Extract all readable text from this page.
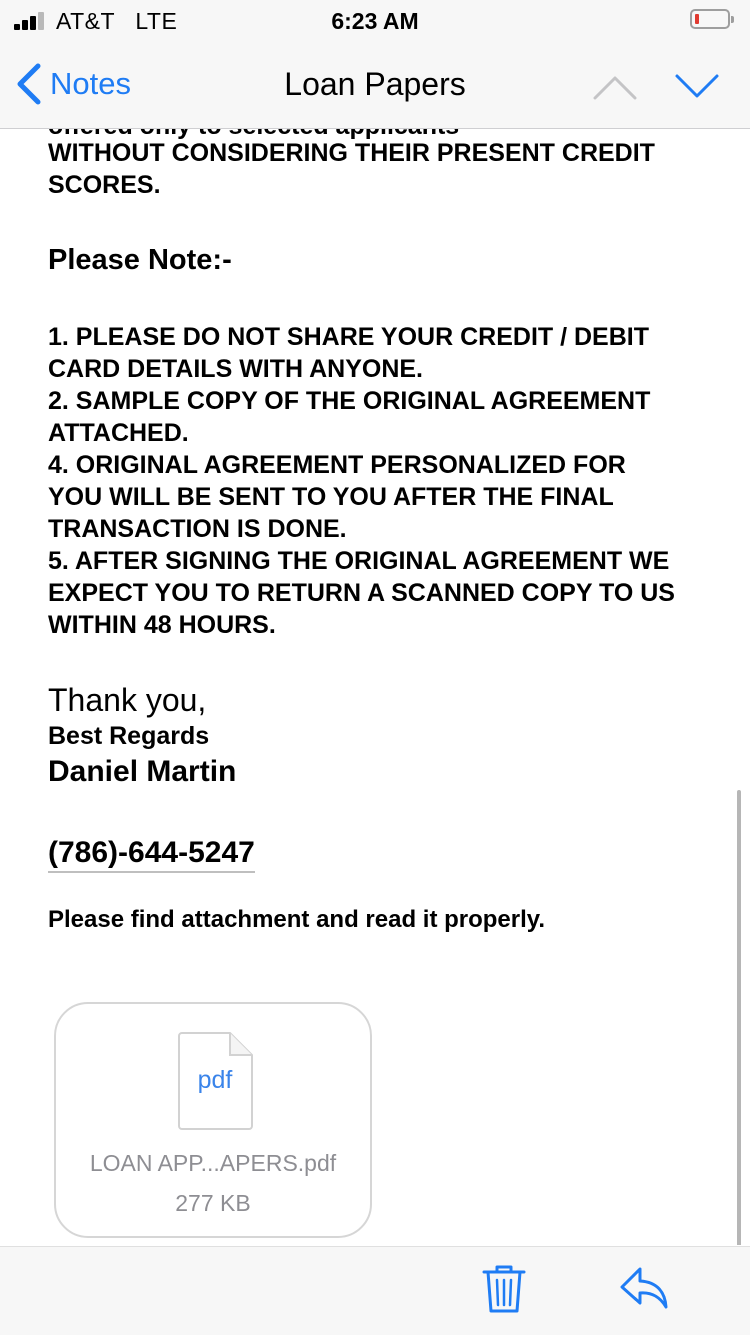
WITHOUT CONSIDERING THEIR PRESENT CREDIT
SCORES.
Please Note:-
1. PLEASE DO NOT SHARE YOUR CREDIT / DEBIT
CARD DETAILS WITH ANYONE.
2. SAMPLE COPY OF THE ORIGINAL AGREEMENT
ATTACHED.
4. ORIGINAL AGREEMENT PERSONALIZED FOR
YOU WILL BE SENT TO YOU AFTER THE FINAL
TRANSACTION IS DONE.
5. AFTER SIGNING THE ORIGINAL AGREEMENT WE
EXPECT YOU TO RETURN A SCANNED COPY TO US
WITHIN 48 HOURS.
Thank you,
Best Regards
Daniel Martin
(786)-644-5247
Please find attachment and read it properly.
pdf
LOAN APP...APERS.pdf
277 KB
AT&T   LTE	6:23 AM
Notes	Loan Papers
